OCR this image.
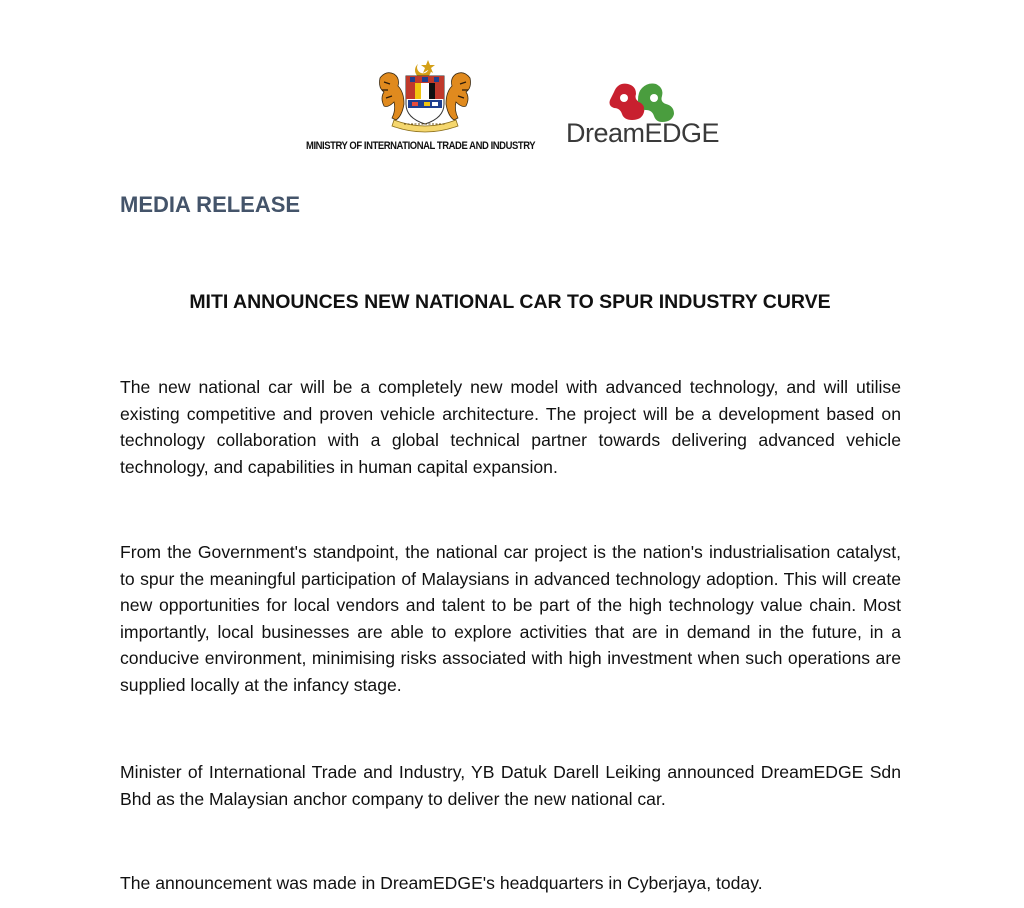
MINISTRY OF INTERNATIONAL TRADE AND INDUSTRY DreamEDGE
MEDIA RELEASE
MITI ANNOUNCES NEW NATIONAL CAR TO SPUR INDUSTRY CURVE

The new national car will be a completely new model with advanced technology, and will utilise existing competitive and proven vehicle architecture. The project will be a development based on technology collaboration with a global technical partner towards delivering advanced vehicle technology, and capabilities in human capital expansion.

From the Government's standpoint, the national car project is the nation's industrialisation catalyst, to spur the meaningful participation of Malaysians in advanced technology adoption. This will create new opportunities for local vendors and talent to be part of the high technology value chain. Most importantly, local businesses are able to explore activities that are in demand in the future, in a conducive environment, minimising risks associated with high investment when such operations are supplied locally at the infancy stage.

Minister of International Trade and Industry, YB Datuk Darell Leiking announced DreamEDGE Sdn Bhd as the Malaysian anchor company to deliver the new national car.

The announcement was made in DreamEDGE's headquarters in Cyberjaya, today.
